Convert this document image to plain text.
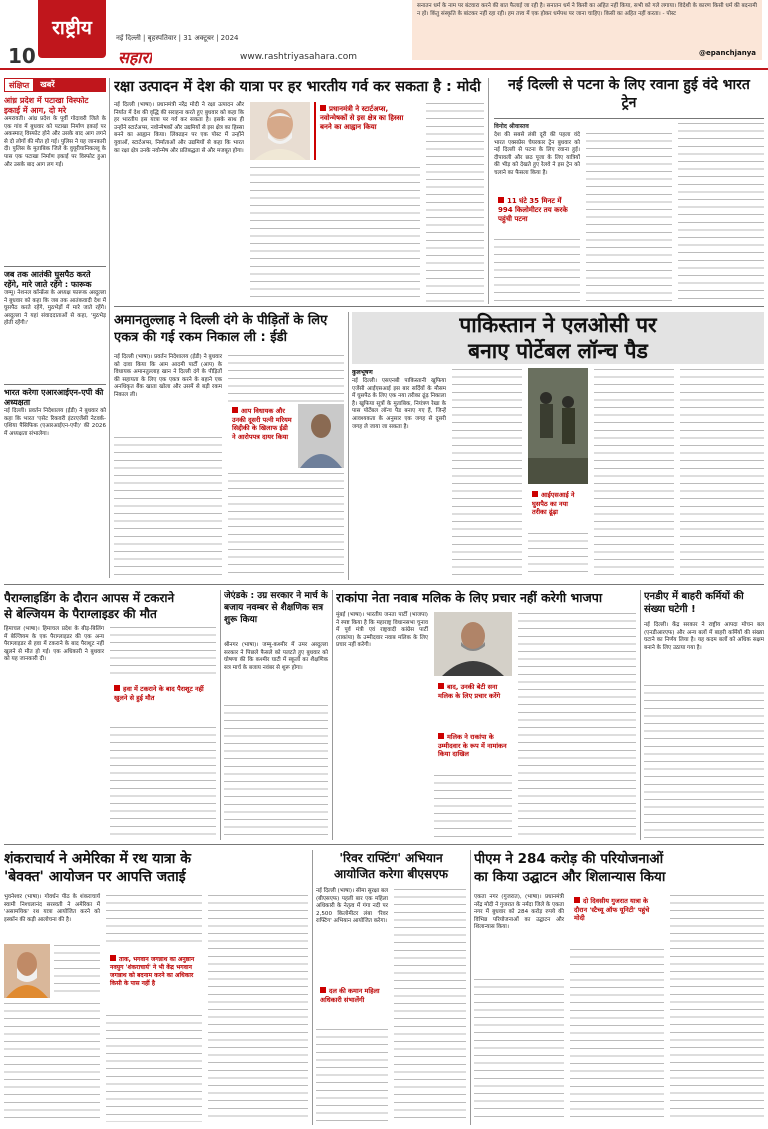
10
राष्ट्रीय	नई दिल्ली | बृहस्पतिवार | 31 अक्टूबर | 2024
सहारा	www.rashtriyasahara.com
सनातन धर्म के नाम पर बंटवारा करने की बात फैलाई जा रही है। सनातन धर्म ने किसी का अहित नहीं किया, सभी को गले लगाया। विदेशी के कारण किसी धर्म की बदनामी न हो। किंतु संस्कृति के बांटकर नहीं रहा रही। हम तत्त्व में एक होकर धर्मपथ पर जाना चाहिए। किसी का अहित नहीं करता। - पोस्ट
@epanchjanya
संक्षिप्त	खबरें
आंध्र प्रदेश में पटाखा विस्फोट इकाई में आग, दो मरे
अमरावती। आंध्र प्रदेश के पूर्वी गोदावरी जिले के एक गांव में बुधवार को पटाखा निर्माण इकाई पर अकस्मात् विस्फोट होने और उसके बाद आग लगने से दो लोगों की मौत हो गई। पुलिस ने यह जानकारी दी। पुलिस के मुताबिक जिले के वुयूरीयानिकल्लू के पास एक पटाखा निर्माण इकाई पर विस्फोट हुआ और उसके बाद आग लग गई।
जब तक आतंकी घुसपैठ करते रहेंगे, मारे जाते रहेंगे : फारूक
जम्मू। नेशनल कॉन्फ्रेंस के अध्यक्ष फारूक अब्दुल्ला ने बुधवार को कहा कि जब तक आतंकवादी देश में घुसपैठ करते रहेंगे, मुठभेड़ों में मारे जाते रहेंगे। अब्दुल्ला ने यहां संवाददाताओं से कहा, 'मुठभेड़ होती रहेंगी।'
भारत करेगा एआरआईएन-एपी की अध्यक्षता
नई दिल्ली। प्रवर्तन निदेशालय (ईडी) ने बुधवार को कहा कि भारत 'एसेट रिकवरी इंटरएजेंसी नेटवर्क-एशिया पैसिफिक (एआरआईएन-एपी)' की 2026 में अध्यक्षता संभालेगा।
रक्षा उत्पादन में देश की यात्रा पर हर भारतीय गर्व कर सकता है : मोदी
नई दिल्ली (भाषा)। प्रधानमंत्री नरेंद्र मोदी ने रक्षा उत्पादन और निर्यात में देश की वृद्धि की सराहना करते हुए बुधवार को कहा कि हर भारतीय इस यात्रा पर गर्व कर सकता है। इसके साथ ही उन्होंने स्टार्टअप्स, नवोन्मेषकों और उद्यमियों से इस क्षेत्र का हिस्सा बनने का आह्वान किया। लिंक्डइन पर एक पोस्ट में उन्होंने युवाओं, स्टार्टअप्स, निर्माताओं और उद्यमियों से कहा कि भारत का रक्षा क्षेत्र उनके नवोन्मेष और प्रतिबद्धता से और मजबूत होगा।
प्रधानमंत्री ने स्टार्टअप्स, नवोन्मेषकों से इस क्षेत्र का हिस्सा बनने का आह्वान किया
नई दिल्ली से पटना के लिए रवाना हुई वंदे भारत ट्रेन
विनोद श्रीवास्तव
देश की सबसे लंबी दूरी की पहला वंदे भारत एक्सप्रेस चेयरकार ट्रेन बुधवार को नई दिल्ली से पटना के लिए रवाना हुई। दीपावली और छठ पूजा के लिए यात्रियों की भीड़ को देखते हुए रेलवे ने इस ट्रेन को चलाने का फैसला किया है।
11 घंटे 35 मिनट में 994 किलोमीटर तय करके पहुंची पटना
अमानतुल्लाह ने दिल्ली दंगे के पीड़ितों के लिए एकत्र की गई रकम निकाल ली : ईडी
नई दिल्ली (भाषा)। प्रवर्तन निदेशालय (ईडी) ने बुधवार को दावा किया कि आम आदमी पार्टी (आप) के विधायक अमानतुल्लाह खान ने दिल्ली दंगे के पीड़ितों की सहायता के लिए एक एकत्र करने के बहाने एक अनधिकृत बैंक खाता खोला और उसमें से बड़ी रकम निकाल ली।
आप विधायक और उनकी दूसरी पत्नी मरियम सिद्दीकी के खिलाफ ईडी ने आरोपपत्र दायर किया
पाकिस्तान ने एलओसी पर
बनाए पोर्टेबल लॉन्च पैड
कुलभूषण
नई दिल्ली। एसएनबी पाकिस्तानी खुफिया एजेंसी आईएसआई इस बार सर्दियों के मौसम में घुसपैठ के लिए एक नया तरीका ढूंढ़ निकाला है। खुफिया सूत्रों के मुताबिक, नियंत्रण रेखा के पास पोर्टेबल लॉन्च पैड बनाए गए हैं, जिन्हें आवश्यकता के अनुसार एक जगह से दूसरी जगह ले जाया जा सकता है।
आईएसआई ने घुसपैठ का नया तरीका ढूंढ़ा
पैराग्लाइडिंग के दौरान आपस में टकराने
से बेल्जियम के पैराग्लाइडर की मौत
हिमाचल (भाषा)। हिमाचल प्रदेश के बीड़-बिलिंग में बेल्जियम के एक पैराग्लाइडर की एक अन्य पैराग्लाइडर से हवा में टकराने के बाद पैराशूट नहीं खुलने से मौत हो गई। एक अधिकारी ने बुधवार को यह जानकारी दी।
हवा में टकराने के बाद पैराशूट नहीं खुलने से हुई मौत
जेएंडके : उग्र सरकार ने मार्च के बजाय नवम्बर से शैक्षणिक सत्र शुरू किया
श्रीनगर (भाषा)। जम्मू-कश्मीर में उमर अब्दुल्ला सरकार ने पिछले फैसले को पलटते हुए बुधवार को घोषणा की कि कश्मीर घाटी में स्कूलों का शैक्षणिक सत्र मार्च के बजाय नवंबर से शुरू होगा।
राकांपा नेता नवाब मलिक के लिए प्रचार नहीं करेगी भाजपा
मुंबई (भाषा)। भारतीय जनता पार्टी (भाजपा) ने स्पष्ट किया है कि महाराष्ट्र विधानसभा चुनाव में पूर्व मंत्री एवं राष्ट्रवादी कांग्रेस पार्टी (राकांपा) के उम्मीदवार नवाब मलिक के लिए प्रचार नहीं करेगी।
बाद, उनकी बेटी सना मलिक के लिए प्रचार करेंगे
मलिक ने राकांपा के उम्मीदवार के रूप में नामांकन किया दाखिल
एनडीए में बाहरी कर्मियों की संख्या घटेगी !
नई दिल्ली। केंद्र सरकार ने राष्ट्रीय आपदा मोचन बल (एनडीआरएफ) और अन्य बलों में बाहरी कर्मियों की संख्या घटाने का निर्णय लिया है। यह कदम बलों को अधिक सक्षम बनाने के लिए उठाया गया है।
शंकराचार्य ने अमेरिका में रथ यात्रा के
'बेवक्त' आयोजन पर आपत्ति जताई
भुवनेश्वर (भाषा)। गोवर्धन पीठ के शंकराचार्य स्वामी निश्चलानंद सरस्वती ने अमेरिका में 'असामयिक' रथ यात्रा आयोजित करने को इस्कॉन की कड़ी आलोचना की है।
ताक, भगवान जगन्नाथ का अनुष्ठान नवयुग 'शंकराचार्य' ने भी केंद्र भगवान जगन्नाथ को बदनाम करने का अधिकार किसी के पास नहीं है
'रिवर राफ्टिंग' अभियान
आयोजित करेगा बीएसएफ
नई दिल्ली (भाषा)। सीमा सुरक्षा बल (बीएसएफ) पहली बार एक महिला अधिकारी के नेतृत्व में गंगा नदी पर 2,500 किलोमीटर लंबा 'रिवर राफ्टिंग' अभियान आयोजित करेगा।
दल की कमान महिला अधिकारी संभालेंगी
पीएम ने 284 करोड़ की परियोजनाओं
का किया उद्घाटन और शिलान्यास किया
एकता नगर (गुजरात), (भाषा)। प्रधानमंत्री नरेंद्र मोदी ने गुजरात के नर्मदा जिले के एकता नगर में बुधवार को 284 करोड़ रुपये की विभिन्न परियोजनाओं का उद्घाटन और शिलान्यास किया।
दो दिवसीय गुजरात यात्रा के दौरान 'स्टैच्यू ऑफ यूनिटी' पहुंचे मोदी
